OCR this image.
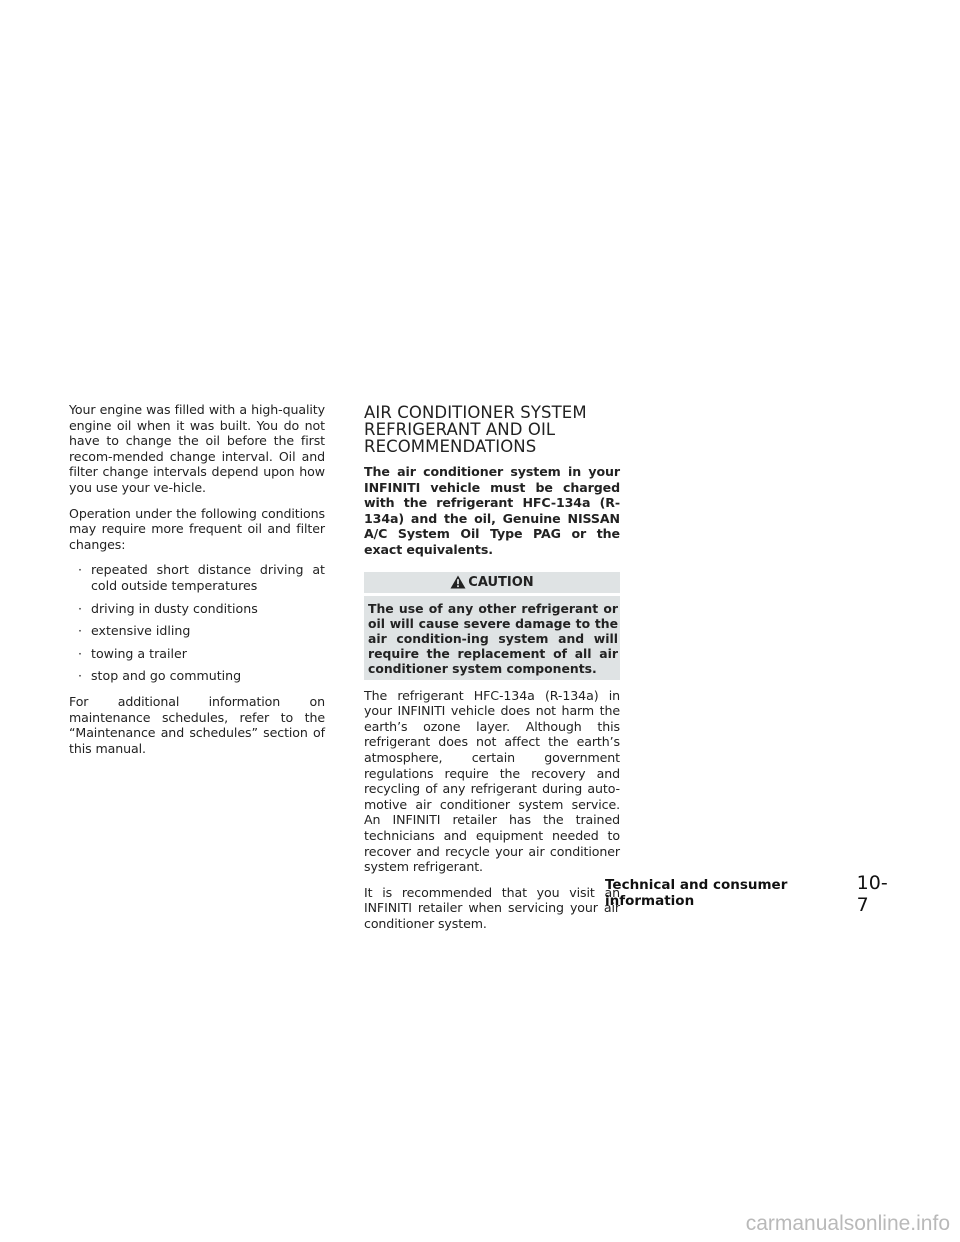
Your engine was filled with a high-quality engine oil when it was built. You do not have to change the oil before the first recom-mended change interval. Oil and filter change intervals depend upon how you use your ve-hicle.

Operation under the following conditions may require more frequent oil and filter changes:

· repeated short distance driving at cold outside temperatures
· driving in dusty conditions
· extensive idling
· towing a trailer
· stop and go commuting

For additional information on maintenance schedules, refer to the “Maintenance and schedules” section of this manual.

AIR CONDITIONER SYSTEM REFRIGERANT AND OIL RECOMMENDATIONS

The air conditioner system in your INFINITI vehicle must be charged with the refrigerant HFC-134a (R-134a) and the oil, Genuine NISSAN A/C System Oil Type PAG or the exact equivalents.

CAUTION
The use of any other refrigerant or oil will cause severe damage to the air condition-ing system and will require the replacement of all air conditioner system components.

The refrigerant HFC-134a (R-134a) in your INFINITI vehicle does not harm the earth’s ozone layer. Although this refrigerant does not affect the earth’s atmosphere, certain government regulations require the recovery and recycling of any refrigerant during auto-motive air conditioner system service. An INFINITI retailer has the trained technicians and equipment needed to recover and recycle your air conditioner system refrigerant.

It is recommended that you visit an INFINITI retailer when servicing your air conditioner system.

Technical and consumer information
10-7
carmanualsonline.info
